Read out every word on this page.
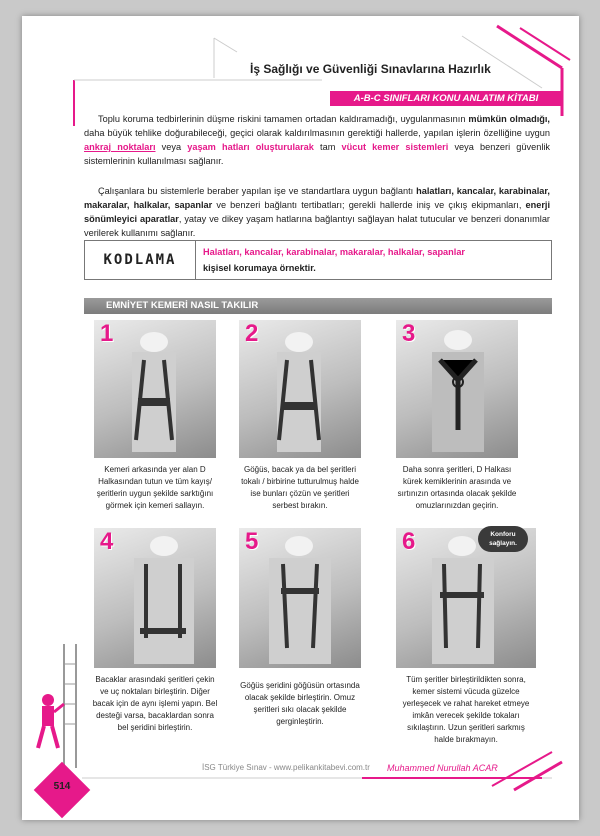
İş Sağlığı ve Güvenliği Sınavlarına Hazırlık
A-B-C SINIFLARI KONU ANLATIM KİTABI

Toplu koruma tedbirlerinin düşme riskini tamamen ortadan kaldıramadığı, uygulanmasının mümkün olmadığı, daha büyük tehlike doğurabileceği, geçici olarak kaldırılmasının gerektiği hallerde, yapılan işlerin özelliğine uygun ankraj noktaları veya yaşam hatları oluşturularak tam vücut kemer sistemleri veya benzeri güvenlik sistemlerinin kullanılması sağlanır.

Çalışanlara bu sistemlerle beraber yapılan işe ve standartlara uygun bağlantı halatları, kancalar, karabinalar, makaralar, halkalar, sapanlar ve benzeri bağlantı tertibatları; gerekli hallerde iniş ve çıkış ekipmanları, enerji sönümleyici aparatlar, yatay ve dikey yaşam hatlarına bağlantıyı sağlayan halat tutucular ve benzeri donanımlar verilerek kullanımı sağlanır.

KODLAMA	Halatları, kancalar, karabinalar, makaralar, halkalar, sapanlar
kişisel korumaya örnektir.
EMNİYET KEMERİ NASIL TAKILIR
1
Kemeri arkasında yer alan D Halkasından tutun ve tüm kayış/şeritlerin uygun şekilde sarktığını görmek için kemeri sallayın.
2
Göğüs, bacak ya da bel şeritleri tokalı / birbirine tutturulmuş halde ise bunları çözün ve şeritleri serbest bırakın.
3
Daha sonra şeritleri, D Halkası kürek kemiklerinin arasında ve sırtınızın ortasında olacak şekilde omuzlarınızdan geçirin.
4
Bacaklar arasındaki şeritleri çekin ve uç noktaları birleştirin. Diğer bacak için de aynı işlemi yapın. Bel desteği varsa, bacaklardan sonra bel şeridini birleştirin.
5
Göğüs şeridini göğüsün ortasında olacak şekilde birleştirin. Omuz şeritleri sıkı olacak şekilde gerginleştirin.
6	Konforu sağlayın.
Tüm şeritler birleştirildikten sonra, kemer sistemi vücuda güzelce yerleşecek ve rahat hareket etmeye imkân verecek şekilde tokaları sıkılaştırın. Uzun şeritleri sarkmış halde bırakmayın.
İSG Türkiye Sınav - www.pelikankitabevi.com.tr Muhammed Nurullah ACAR
514
